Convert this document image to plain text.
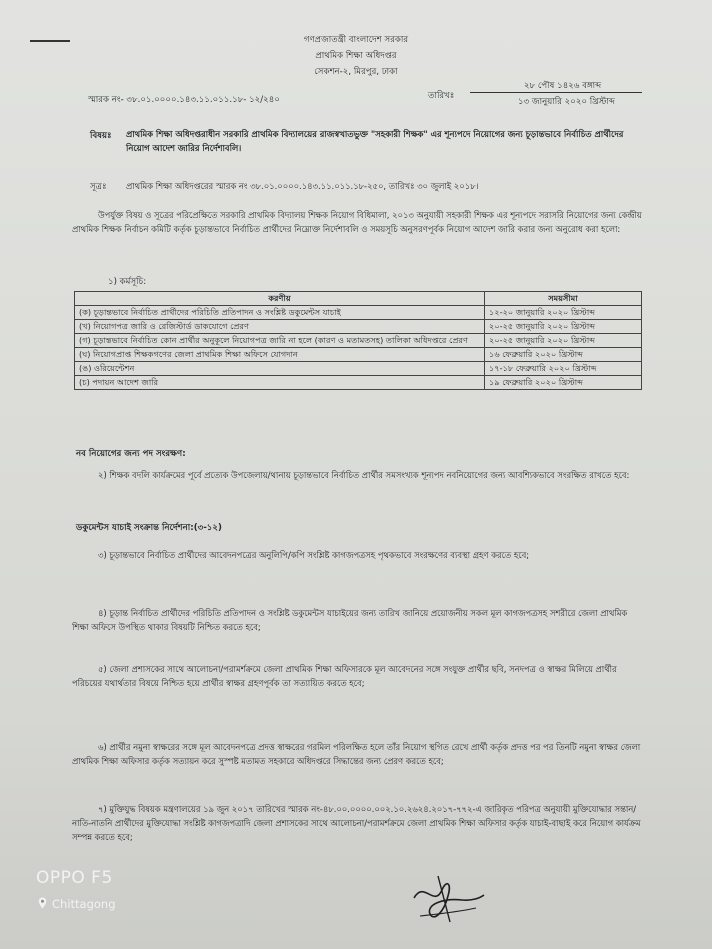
গণপ্রজাতন্ত্রী বাংলাদেশ সরকার
প্রাথমিক শিক্ষা অধিদপ্তর
সেকশন-২, মিরপুর, ঢাকা
স্মারক নং- ৩৮.০১.০০০০.১৪৩.১১.০১১.১৮- ১২/২৪০	তারিখঃ
২৮ পৌষ ১৪২৬ বঙ্গাব্দ
১৩ জানুয়ারি ২০২০ খ্রিস্টাব্দ
বিষয়ঃ প্রাথমিক শিক্ষা অধিদপ্তরাধীন সরকারি প্রাথমিক বিদ্যালয়ের রাজস্বখাতভুক্ত "সহকারী শিক্ষক" এর শূন্যপদে নিয়োগের জন্য চূড়ান্তভাবে নির্বাচিত প্রার্থীদের নিয়োগ আদেশ জারির নির্দেশাবলি।
সূত্রঃ প্রাথমিক শিক্ষা অধিদপ্তরের স্মারক নং ৩৮.০১.০০০০.১৪৩.১১.০১১.১৮-২৫০, তারিখঃ ৩০ জুলাই ২০১৮।
উপর্যুক্ত বিষয় ও সূত্রের পরিপ্রেক্ষিতে সরকারি প্রাথমিক বিদ্যালয় শিক্ষক নিয়োগ বিধিমালা, ২০১৩ অনুযায়ী সহকারী শিক্ষক এর শূন্যপদে সরাসরি নিয়োগের জন্য কেন্দ্রীয় প্রাথমিক শিক্ষক নির্বাচন কমিটি কর্তৃক চূড়ান্তভাবে নির্বাচিত প্রার্থীদের নিম্নোক্ত নির্দেশাবলি ও সময়সূচি অনুসরণপূর্বক নিয়োগ আদেশ জারি করার জন্য অনুরোধ করা হলো:
১) কর্মসূচি:
করণীয়	সময়সীমা
(ক) চূড়ান্তভাবে নির্বাচিত প্রার্থীদের পরিচিতি প্রতিপাদন ও সংশ্লিষ্ট ডকুমেন্টস যাচাই	১২-২০ জানুয়ারি ২০২০ খ্রিস্টাব্দ
(খ) নিয়োগপত্র জারি ও রেজিস্টার্ড ডাকযোগে প্রেরণ	২০-২৫ জানুয়ারি ২০২০ খ্রিস্টাব্দ
(গ) চূড়ান্তভাবে নির্বাচিত কোন প্রার্থীর অনুকূলে নিয়োগপত্র জারি না হলে (কারণ ও মতামতসহ) তালিকা অধিদপ্তরে প্রেরণ	২০-২৫ জানুয়ারি ২০২০ খ্রিস্টাব্দ
(ঘ) নিয়োগপ্রাপ্ত শিক্ষকগণের জেলা প্রাথমিক শিক্ষা অফিসে যোগদান	১৬ ফেব্রুয়ারি ২০২০ খ্রিস্টাব্দ
(ঙ) ওরিয়েন্টেশন	১৭-১৮ ফেব্রুয়ারি ২০২০ খ্রিস্টাব্দ
(চ) পদায়ন আদেশ জারি	১৯ ফেব্রুয়ারি ২০২০ খ্রিস্টাব্দ
নব নিয়োগের জন্য পদ সংরক্ষণ:
২) শিক্ষক বদলি কার্যক্রমের পূর্বে প্রত্যেক উপজেলায়/থানায় চূড়ান্তভাবে নির্বাচিত প্রার্থীর সমসংখ্যক শূন্যপদ নবনিয়োগের জন্য আবশ্যিকভাবে সংরক্ষিত রাখতে হবে:
ডকুমেন্টস যাচাই সংক্রান্ত নির্দেশনা:(৩-১২)
৩) চূড়ান্তভাবে নির্বাচিত প্রার্থীদের আবেদনপত্রের অনুলিপি/কপি সংশ্লিষ্ট কাগজপত্রসহ পৃথকভাবে সংরক্ষণের ব্যবস্থা গ্রহণ করতে হবে;
৪) চূড়ান্ত নির্বাচিত প্রার্থীদের পরিচিতি প্রতিপাদন ও সংশ্লিষ্ট ডকুমেন্টস যাচাইয়ের জন্য তারিখ জানিয়ে প্রয়োজনীয় সকল মূল কাগজপত্রসহ সশরীরে জেলা প্রাথমিক শিক্ষা অফিসে উপস্থিত থাকার বিষয়টি নিশ্চিত করতে হবে;
৫) জেলা প্রশাসকের সাথে আলোচনা/পরামর্শক্রমে জেলা প্রাথমিক শিক্ষা অফিসারকে মূল আবেদনের সঙ্গে সংযুক্ত প্রার্থীর ছবি, সনদপত্র ও স্বাক্ষর মিলিয়ে প্রার্থীর পরিচয়ের যথার্থতার বিষয়ে নিশ্চিত হয়ে প্রার্থীর স্বাক্ষর গ্রহণপূর্বক তা সত্যায়িত করতে হবে;
৬) প্রার্থীর নমুনা স্বাক্ষরের সঙ্গে মূল আবেদনপত্রে প্রদত্ত স্বাক্ষরের গরমিল পরিলক্ষিত হলে তাঁর নিয়োগ স্থগিত রেখে প্রার্থী কর্তৃক প্রদত্ত পর পর তিনটি নমুনা স্বাক্ষর জেলা প্রাথমিক শিক্ষা অফিসার কর্তৃক সত্যায়ন করে সুস্পষ্ট মতামত সহকারে অধিদপ্তরে সিদ্ধান্তের জন্য প্রেরণ করতে হবে;
৭) মুক্তিযুদ্ধ বিষয়ক মন্ত্রণালয়ের ১৯ জুন ২০১৭ তারিখের স্মারক নং-৪৮.০০.০০০০.০০২.১০.২৬২৪.২০১৭-৭৭২-এ জারিকৃত পরিপত্র অনুযায়ী মুক্তিযোদ্ধার সন্তান/নাতি-নাতনি প্রার্থীদের মুক্তিযোদ্ধা সংশ্লিষ্ট কাগজপত্রাদি জেলা প্রশাসকের সাথে আলোচনা/পরামর্শক্রমে জেলা প্রাথমিক শিক্ষা অফিসার কর্তৃক যাচাই-বাছাই করে নিয়োগ কার্যক্রম সম্পন্ন করতে হবে;
OPPO F5
Chittagong
